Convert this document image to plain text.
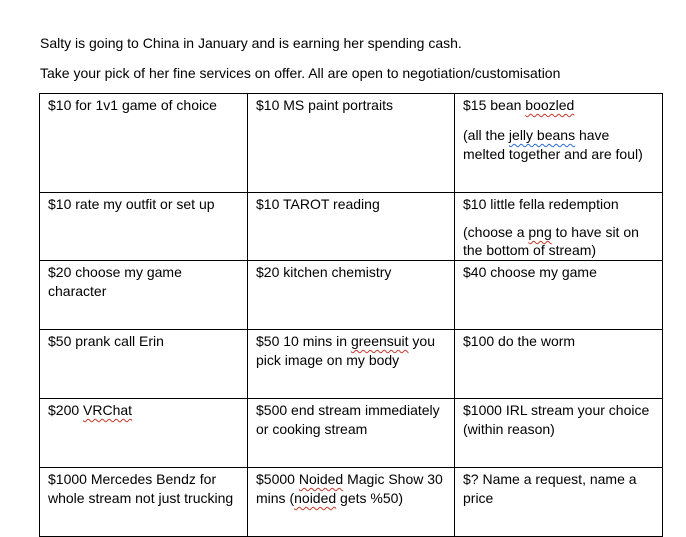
Salty is going to China in January and is earning her spending cash.

Take your pick of her fine services on offer. All are open to negotiation/customisation

$10 for 1v1 game of choice	$10 MS paint portraits	$15 bean boozled
(all the jelly beans have melted together and are foul)

$10 rate my outfit or set up	$10 TAROT reading	$10 little fella redemption
(choose a png to have sit on the bottom of stream)

$20 choose my game character	$20 kitchen chemistry	$40 choose my game
$50 prank call Erin	$50 10 mins in greensuit you pick image on my body	$100 do the worm
$200 VRChat	$500 end stream immediately or cooking stream	$1000 IRL stream your choice (within reason)
$1000 Mercedes Bendz for whole stream not just trucking	$5000 Noided Magic Show 30 mins (noided gets %50)	$? Name a request, name a price
